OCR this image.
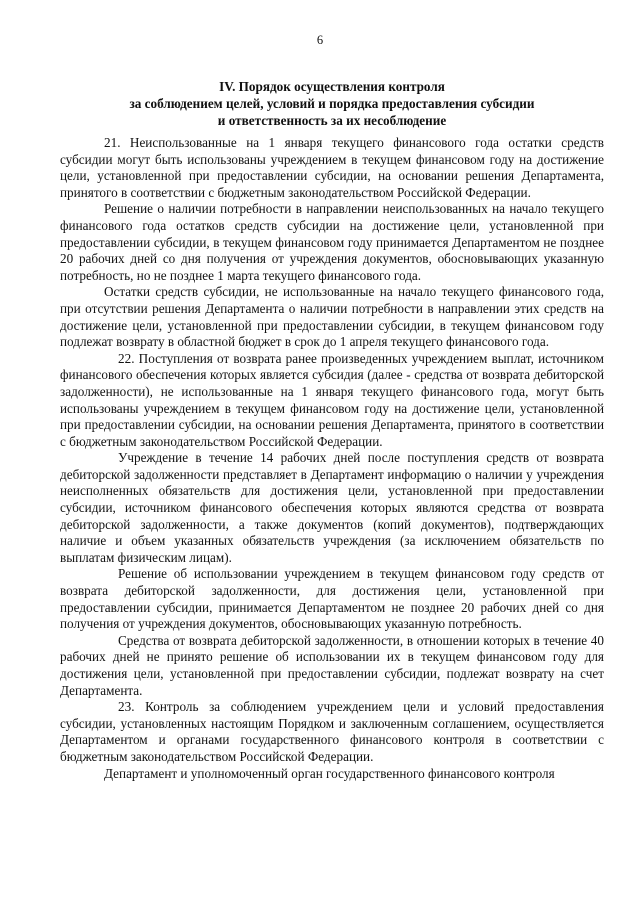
6
IV. Порядок осуществления контроля
за соблюдением целей, условий и порядка предоставления субсидии
и ответственность за их несоблюдение

21. Неиспользованные на 1 января текущего финансового года остатки средств субсидии могут быть использованы учреждением в текущем финансовом году на достижение цели, установленной при предоставлении субсидии, на основании решения Департамента, принятого в соответствии с бюджетным законодательством Российской Федерации.

Решение о наличии потребности в направлении неиспользованных на начало текущего финансового года остатков средств субсидии на достижение цели, установленной при предоставлении субсидии, в текущем финансовом году принимается Департаментом не позднее 20 рабочих дней со дня получения от учреждения документов, обосновывающих указанную потребность, но не позднее 1 марта текущего финансового года.

Остатки средств субсидии, не использованные на начало текущего финансового года, при отсутствии решения Департамента о наличии потребности в направлении этих средств на достижение цели, установленной при предоставлении субсидии, в текущем финансовом году подлежат возврату в областной бюджет в срок до 1 апреля текущего финансового года.

22. Поступления от возврата ранее произведенных учреждением выплат, источником финансового обеспечения которых является субсидия (далее - средства от возврата дебиторской задолженности), не использованные на 1 января текущего финансового года, могут быть использованы учреждением в текущем финансовом году на достижение цели, установленной при предоставлении субсидии, на основании решения Департамента, принятого в соответствии с бюджетным законодательством Российской Федерации.

Учреждение в течение 14 рабочих дней после поступления средств от возврата дебиторской задолженности представляет в Департамент информацию о наличии у учреждения неисполненных обязательств для достижения цели, установленной при предоставлении субсидии, источником финансового обеспечения которых являются средства от возврата дебиторской задолженности, а также документов (копий документов), подтверждающих наличие и объем указанных обязательств учреждения (за исключением обязательств по выплатам физическим лицам).

Решение об использовании учреждением в текущем финансовом году средств от возврата дебиторской задолженности, для достижения цели, установленной при предоставлении субсидии, принимается Департаментом не позднее 20 рабочих дней со дня получения от учреждения документов, обосновывающих указанную потребность.

Средства от возврата дебиторской задолженности, в отношении которых в течение 40 рабочих дней не принято решение об использовании их в текущем финансовом году для достижения цели, установленной при предоставлении субсидии, подлежат возврату на счет Департамента.

23. Контроль за соблюдением учреждением цели и условий предоставления субсидии, установленных настоящим Порядком и заключенным соглашением, осуществляется Департаментом и органами государственного финансового контроля в соответствии с бюджетным законодательством Российской Федерации.

Департамент и уполномоченный орган государственного финансового контроля
